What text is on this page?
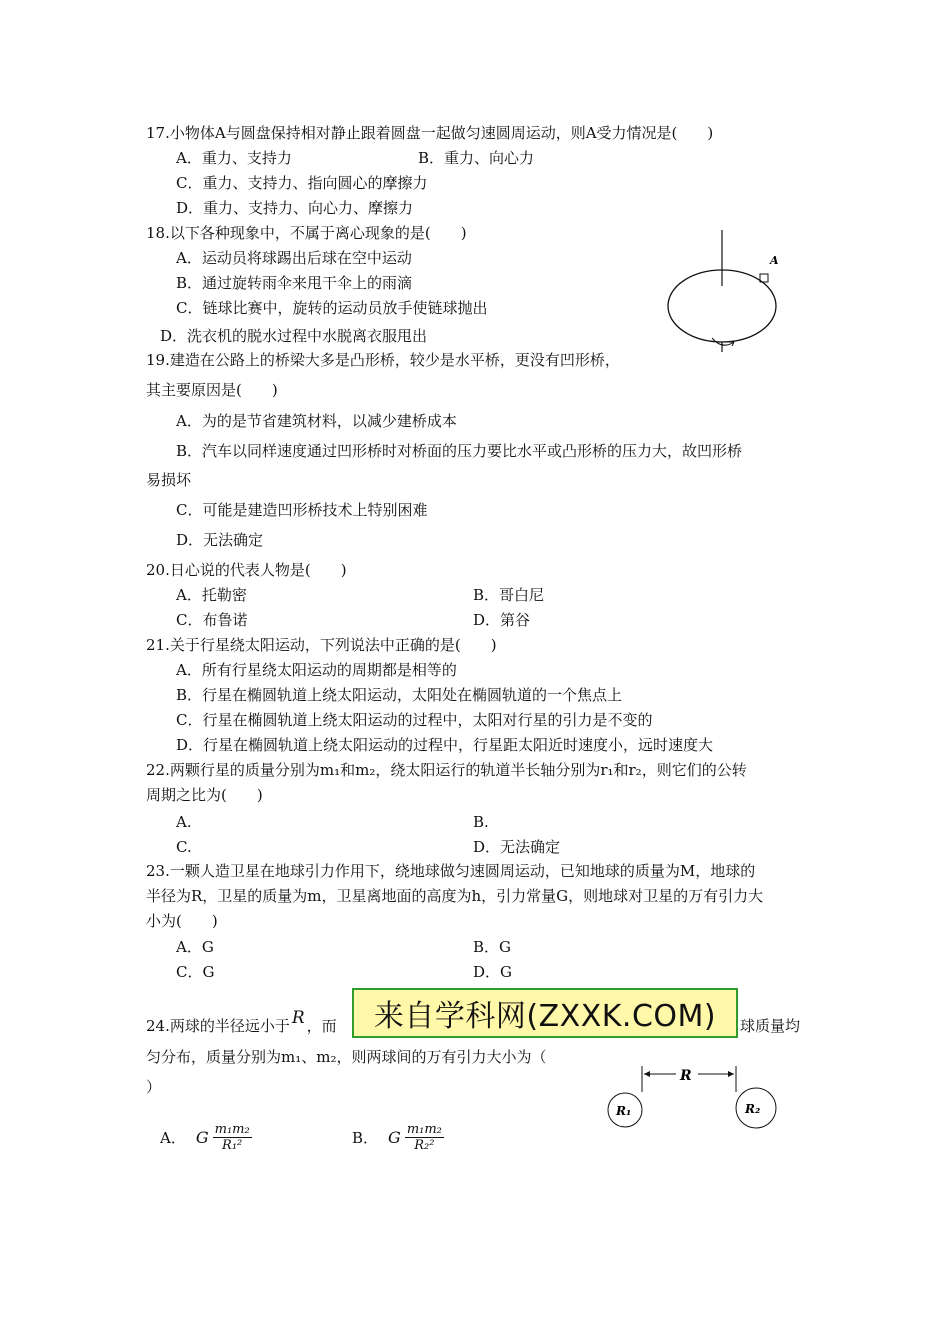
17.小物体A与圆盘保持相对静止跟着圆盘一起做匀速圆周运动，则A受力情况是(　　)
A．重力、支持力	B．重力、向心力
C．重力、支持力、指向圆心的摩擦力
D．重力、支持力、向心力、摩擦力
18.以下各种现象中，不属于离心现象的是(　　)
A．运动员将球踢出后球在空中运动
B．通过旋转雨伞来甩干伞上的雨滴
C．链球比赛中，旋转的运动员放手使链球抛出
D．洗衣机的脱水过程中水脱离衣服甩出
A
19.建造在公路上的桥梁大多是凸形桥，较少是水平桥，更没有凹形桥，
其主要原因是(　　)
A．为的是节省建筑材料，以减少建桥成本
B．汽车以同样速度通过凹形桥时对桥面的压力要比水平或凸形桥的压力大，故凹形桥
易损坏
C．可能是建造凹形桥技术上特别困难
D．无法确定
20.日心说的代表人物是(　　)
A．托勒密	B．哥白尼
C．布鲁诺	D．第谷
21.关于行星绕太阳运动，下列说法中正确的是(　　)
A．所有行星绕太阳运动的周期都是相等的
B．行星在椭圆轨道上绕太阳运动，太阳处在椭圆轨道的一个焦点上
C．行星在椭圆轨道上绕太阳运动的过程中，太阳对行星的引力是不变的
D．行星在椭圆轨道上绕太阳运动的过程中，行星距太阳近时速度小，远时速度大
22.两颗行星的质量分别为m₁和m₂，绕太阳运行的轨道半长轴分别为r₁和r₂，则它们的公转
周期之比为(　　)
A.	B.
C.	D．无法确定
23.一颗人造卫星在地球引力作用下，绕地球做匀速圆周运动，已知地球的质量为M，地球的
半径为R，卫星的质量为m，卫星离地面的高度为h，引力常量G，则地球对卫星的万有引力大
小为(　　)
A．G	B．G
C．G	D．G
24.两球的半径远小于 R ，而	球质量均
匀分布，质量分别为m₁、m₂，则两球间的万有引力大小为（
）
A． G $\frac{\text{m₁m₂}}{\text{R₁²}}$	B． G $\frac{\text{m₁m₂}}{\text{R₂²}}$
R
R₁	R₂
来自学科网(ZXXK.COM)
